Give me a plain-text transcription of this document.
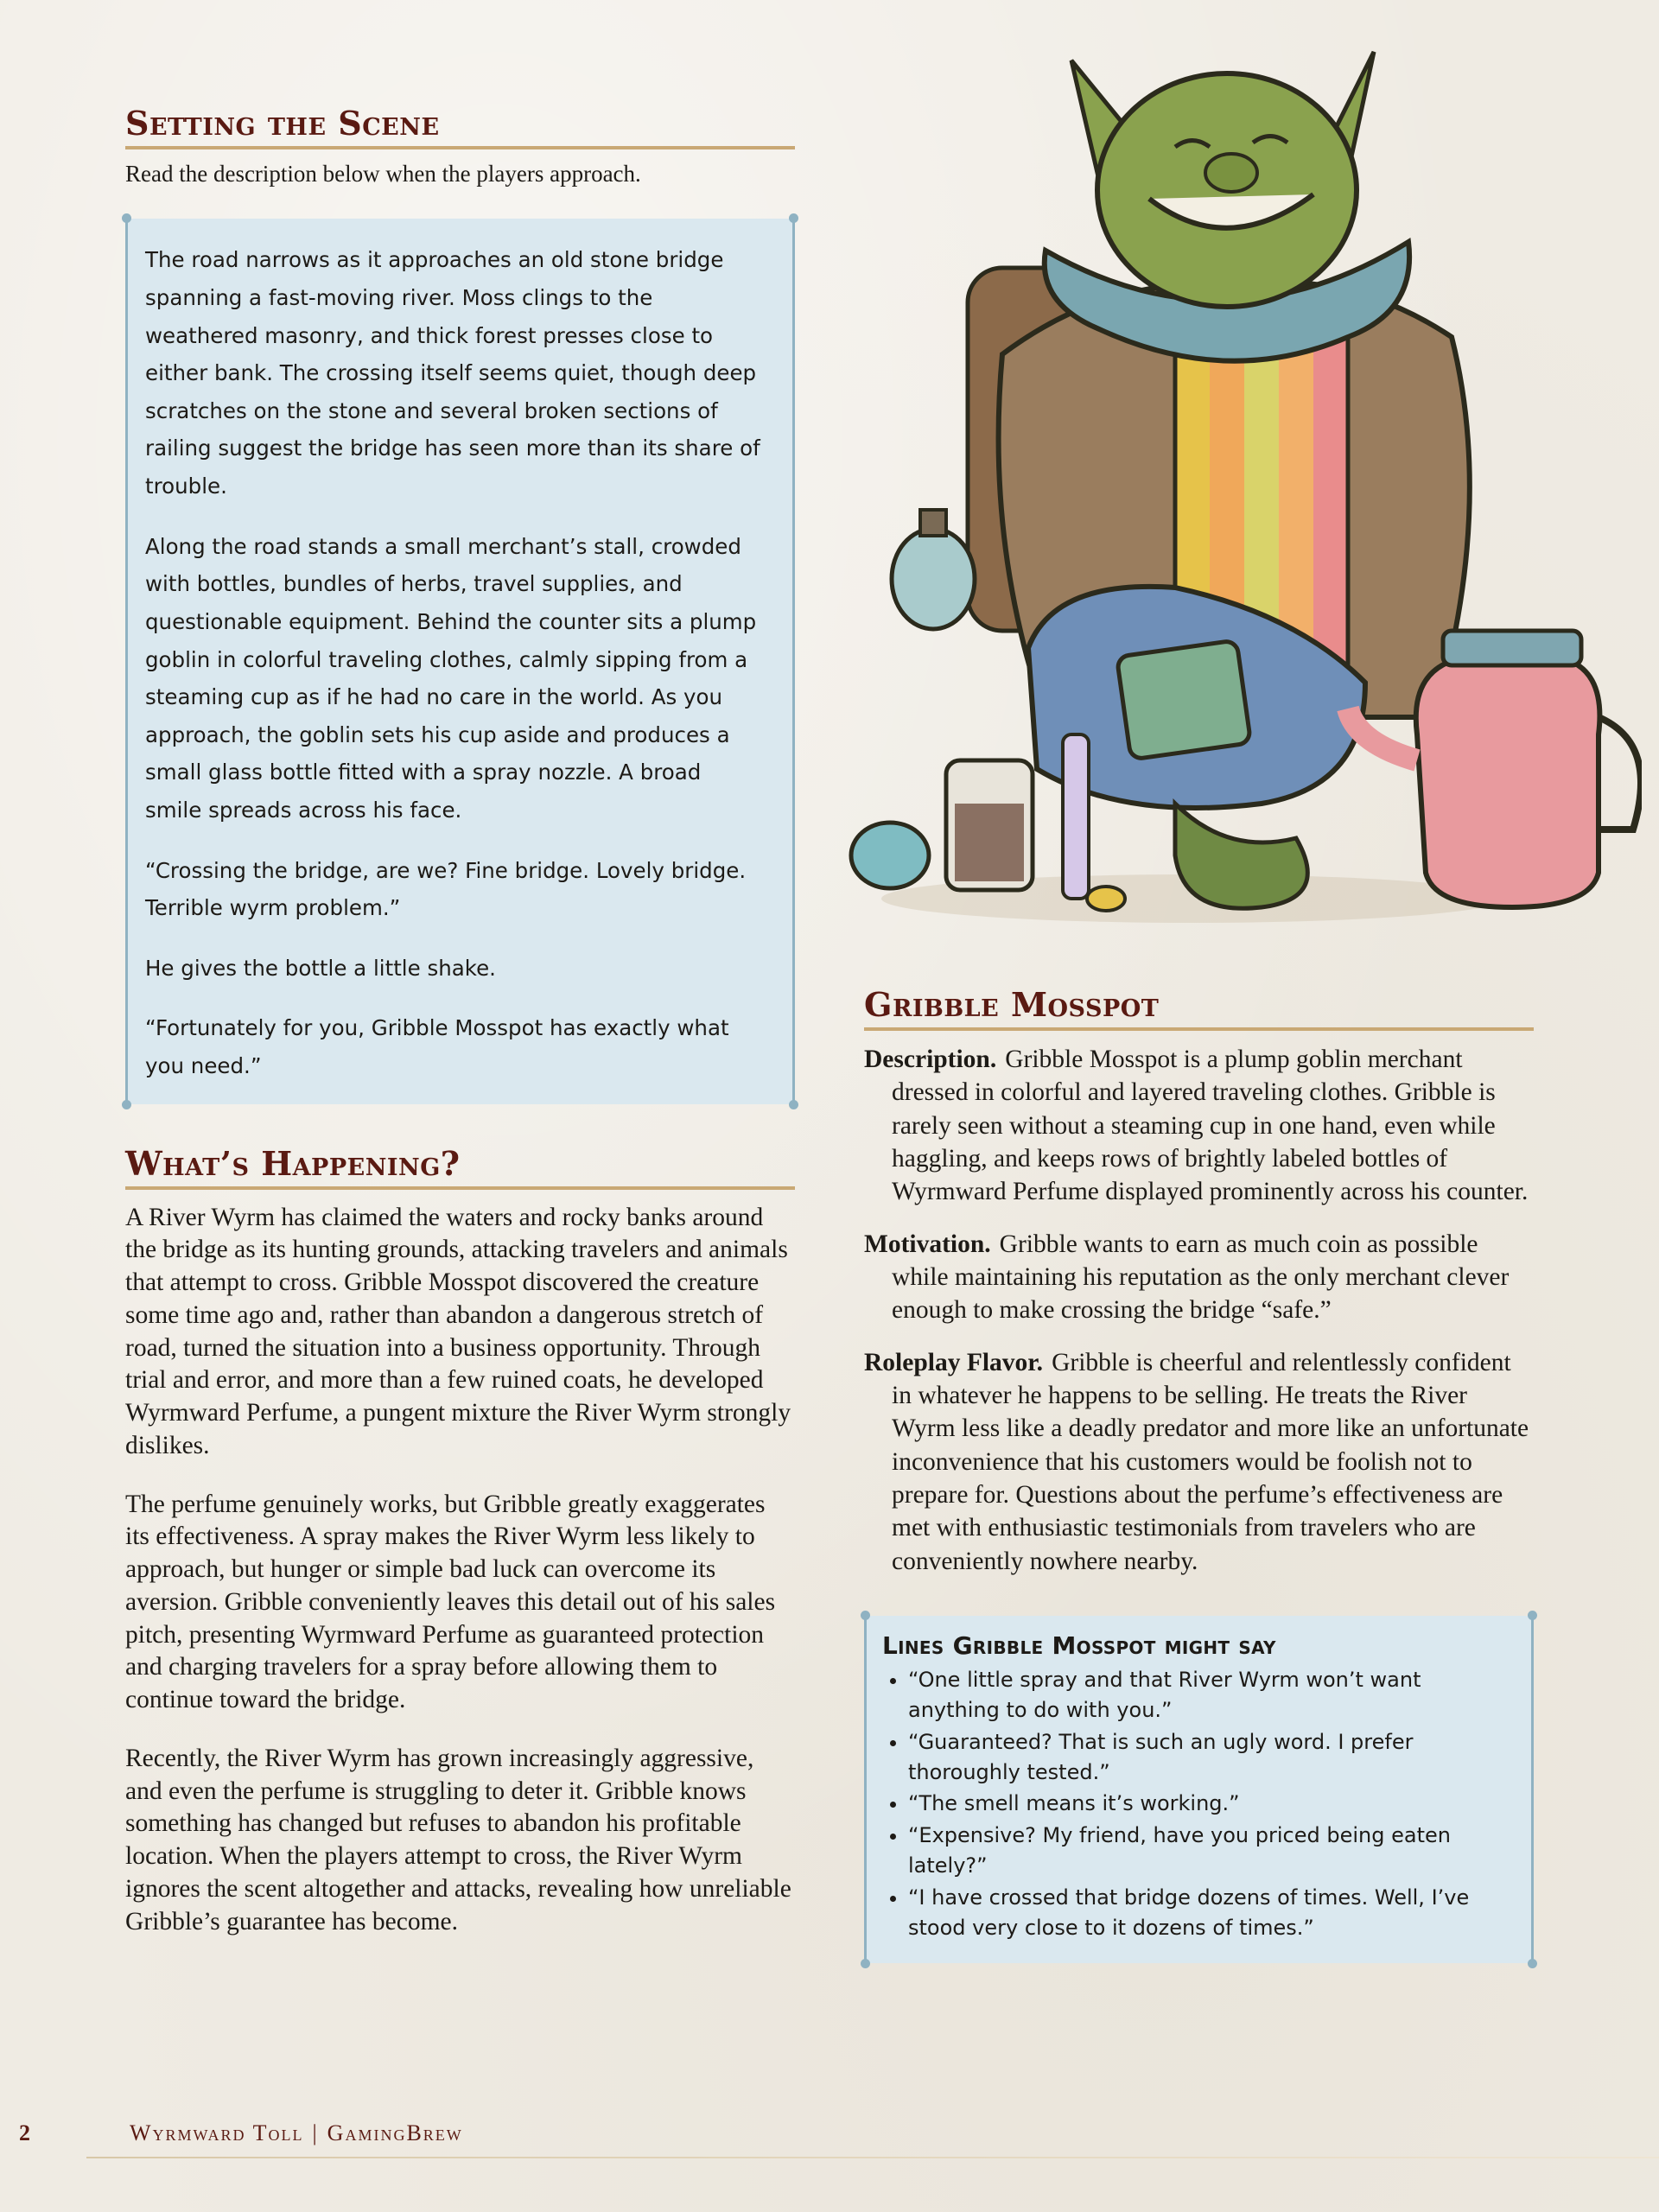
Setting the Scene
Read the description below when the players approach.

The road narrows as it approaches an old stone bridge spanning a fast-moving river. Moss clings to the weathered masonry, and thick forest presses close to either bank. The crossing itself seems quiet, though deep scratches on the stone and several broken sections of railing suggest the bridge has seen more than its share of trouble.

Along the road stands a small merchant’s stall, crowded with bottles, bundles of herbs, travel supplies, and questionable equipment. Behind the counter sits a plump goblin in colorful traveling clothes, calmly sipping from a steaming cup as if he had no care in the world. As you approach, the goblin sets his cup aside and produces a small glass bottle fitted with a spray nozzle. A broad smile spreads across his face.

“Crossing the bridge, are we? Fine bridge. Lovely bridge. Terrible wyrm problem.”

He gives the bottle a little shake.

“Fortunately for you, Gribble Mosspot has exactly what you need.”

What’s Happening?

A River Wyrm has claimed the waters and rocky banks around the bridge as its hunting grounds, attacking travelers and animals that attempt to cross. Gribble Mosspot discovered the creature some time ago and, rather than abandon a dangerous stretch of road, turned the situation into a business opportunity. Through trial and error, and more than a few ruined coats, he developed Wyrmward Perfume, a pungent mixture the River Wyrm strongly dislikes.

The perfume genuinely works, but Gribble greatly exaggerates its effectiveness. A spray makes the River Wyrm less likely to approach, but hunger or simple bad luck can overcome its aversion. Gribble conveniently leaves this detail out of his sales pitch, presenting Wyrmward Perfume as guaranteed protection and charging travelers for a spray before allowing them to continue toward the bridge.

Recently, the River Wyrm has grown increasingly aggressive, and even the perfume is struggling to deter it. Gribble knows something has changed but refuses to abandon his profitable location. When the players attempt to cross, the River Wyrm ignores the scent altogether and attacks, revealing how unreliable Gribble’s guarantee has become.

Gribble Mosspot

Description. Gribble Mosspot is a plump goblin merchant dressed in colorful and layered traveling clothes. Gribble is rarely seen without a steaming cup in one hand, even while haggling, and keeps rows of brightly labeled bottles of Wyrmward Perfume displayed prominently across his counter.

Motivation. Gribble wants to earn as much coin as possible while maintaining his reputation as the only merchant clever enough to make crossing the bridge “safe.”

Roleplay Flavor. Gribble is cheerful and relentlessly confident in whatever he happens to be selling. He treats the River Wyrm less like a deadly predator and more like an unfortunate inconvenience that his customers would be foolish not to prepare for. Questions about the perfume’s effectiveness are met with enthusiastic testimonials from travelers who are conveniently nowhere nearby.

Lines Gribble Mosspot might say
• “One little spray and that River Wyrm won’t want anything to do with you.”
• “Guaranteed? That is such an ugly word. I prefer thoroughly tested.”
• “The smell means it’s working.”
• “Expensive? My friend, have you priced being eaten lately?”
• “I have crossed that bridge dozens of times. Well, I’ve stood very close to it dozens of times.”
2	Wyrmward Toll | GamingBrew
